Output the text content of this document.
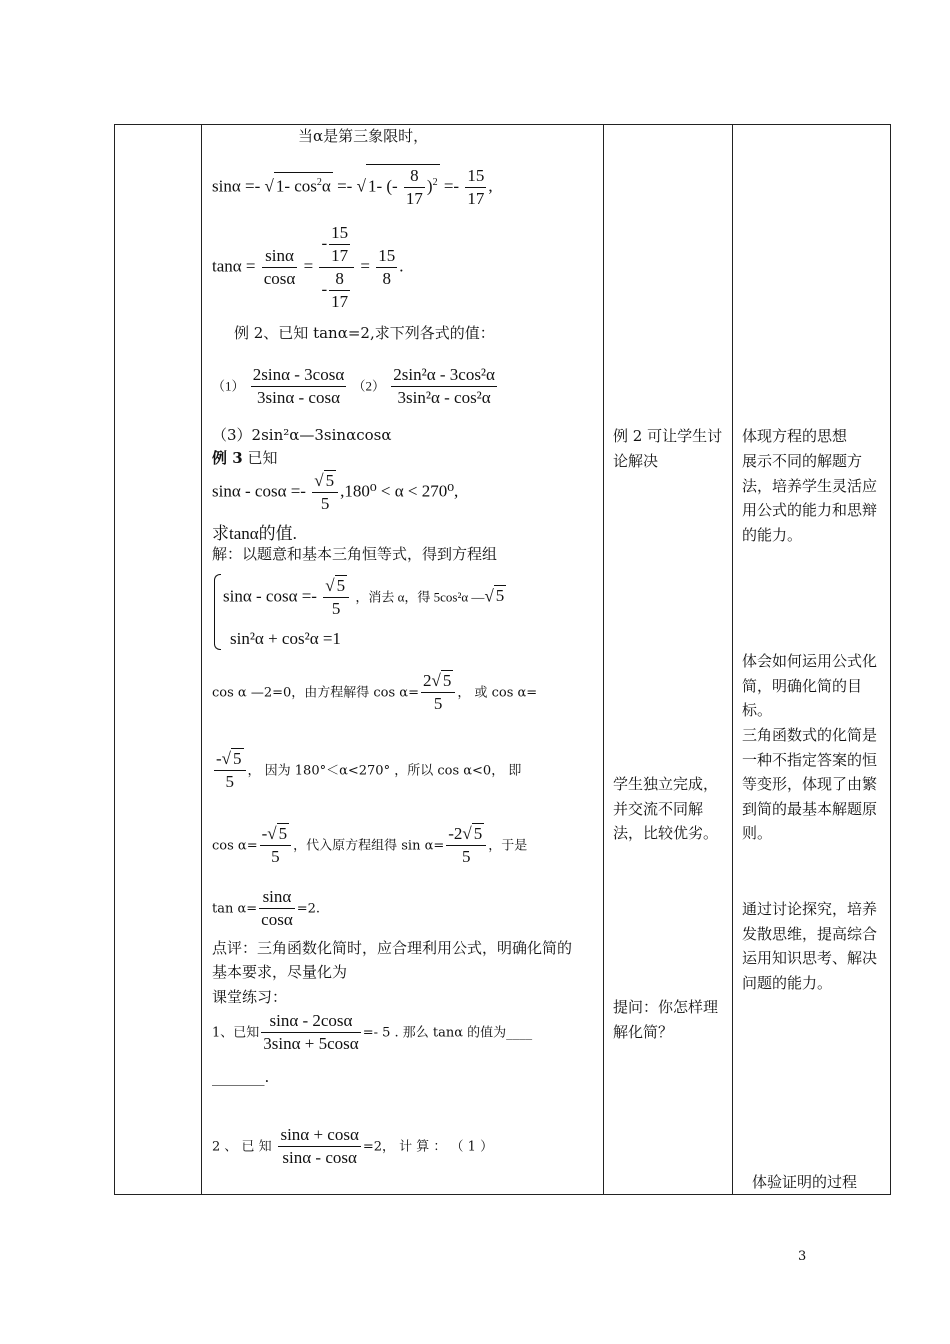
当α是第三象限时，
sinα =- √ 1- $\cos^2\alpha$ =- √ 1- (- $\frac{8}{17} )^2 =- \frac{15}{17}$ ,
$\tan\alpha = \frac{\sin\alpha}{\cos\alpha} = \frac{- \frac{15}{17}}{- \frac{8}{17}} = \frac{15}{8}$ .
例 2、已知 tanα=2,求下列各式的值：
$(1) \frac{2\sin\alpha - 3\cos\alpha}{3\sin\alpha - \cos\alpha} (2) \frac{\text{2sin²α - 3cos²α}}{\text{3sin²α - cos²α}}$
（3）2sin²α—3sinαcosα
例 3 已知
$\sin\alpha - \cos\alpha =- \frac{√ 5}{5} ,180^0 < \alpha < 270^0$,
求tanα的值.
解：以题意和基本三角恒等式，得到方程组
$\sin\alpha - \cos\alpha =- \frac{√ 5}{5}$ ，消去 α，得 5cos²α —√ 5
sin²α + cos²α =1
cos α —2=0，由方程解得 $\cos \alpha= \frac{2√ 5}{5}$ ， 或 cos α=
$\frac{-√ 5}{5}$ ， 因为 180°＜α<270° ，所以 cos α<0， 即
$\cos \alpha= \frac{-√ 5}{5}$ ，代入原方程组得 $\sin \alpha= \frac{-2√ 5}{5}$ ，于是
$\tan \alpha= \frac{\sin\alpha}{\cos\alpha} =2$.
点评：三角函数化简时，应合理利用公式，明确化简的
基本要求，尽量化为
课堂练习：
1、已知 $\frac{\sin\alpha - 2\cos\alpha}{3\sin\alpha + 5\cos\alpha} =- 5$ . 那么 tanα 的值为____
_______.
2 、 已 知 $\frac{\sin\alpha + \cos\alpha}{\sin\alpha - \cos\alpha} =2$， 计 算 ： （ 1 ）
例 2 可让学生讨论解决
学生独立完成，并交流不同解法，比较优劣。
提问：你怎样理解化简？
体现方程的思想
展示不同的解题方法，培养学生灵活应用公式的能力和思辩的能力。
体会如何运用公式化简，明确化简的目标。
三角函数式的化简是一种不指定答案的恒等变形，体现了由繁到简的最基本解题原则。
通过讨论探究，培养发散思维，提高综合运用知识思考、解决问题的能力。
体验证明的过程
3
